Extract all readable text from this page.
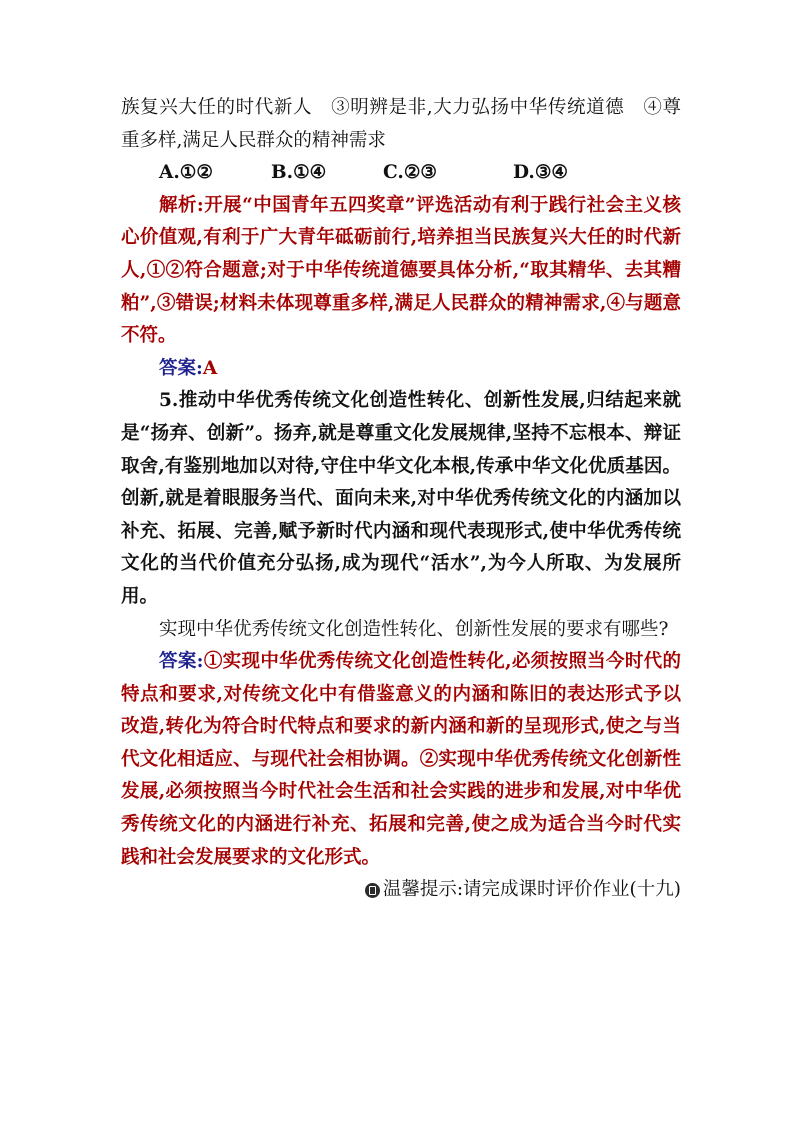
族复兴大任的时代新人　③明辨是非,大力弘扬中华传统道德　④尊重多样,满足人民群众的精神需求

A.①②	B.①④	C.②③	D.③④

解析:开展“中国青年五四奖章”评选活动有利于践行社会主义核心价值观,有利于广大青年砥砺前行,培养担当民族复兴大任的时代新人,①②符合题意;对于中华传统道德要具体分析,“取其精华、去其糟粕”,③错误;材料未体现尊重多样,满足人民群众的精神需求,④与题意不符。

答案:A

5.推动中华优秀传统文化创造性转化、创新性发展,归结起来就是“扬弃、创新”。扬弃,就是尊重文化发展规律,坚持不忘根本、辩证取舍,有鉴别地加以对待,守住中华文化本根,传承中华文化优质基因。创新,就是着眼服务当代、面向未来,对中华优秀传统文化的内涵加以补充、拓展、完善,赋予新时代内涵和现代表现形式,使中华优秀传统文化的当代价值充分弘扬,成为现代“活水”,为今人所取、为发展所用。

实现中华优秀传统文化创造性转化、创新性发展的要求有哪些?

答案:①实现中华优秀传统文化创造性转化,必须按照当今时代的特点和要求,对传统文化中有借鉴意义的内涵和陈旧的表达形式予以改造,转化为符合时代特点和要求的新内涵和新的呈现形式,使之与当代文化相适应、与现代社会相协调。②实现中华优秀传统文化创新性发展,必须按照当今时代社会生活和社会实践的进步和发展,对中华优秀传统文化的内涵进行补充、拓展和完善,使之成为适合当今时代实践和社会发展要求的文化形式。

温馨提示:请完成课时评价作业(十九)
